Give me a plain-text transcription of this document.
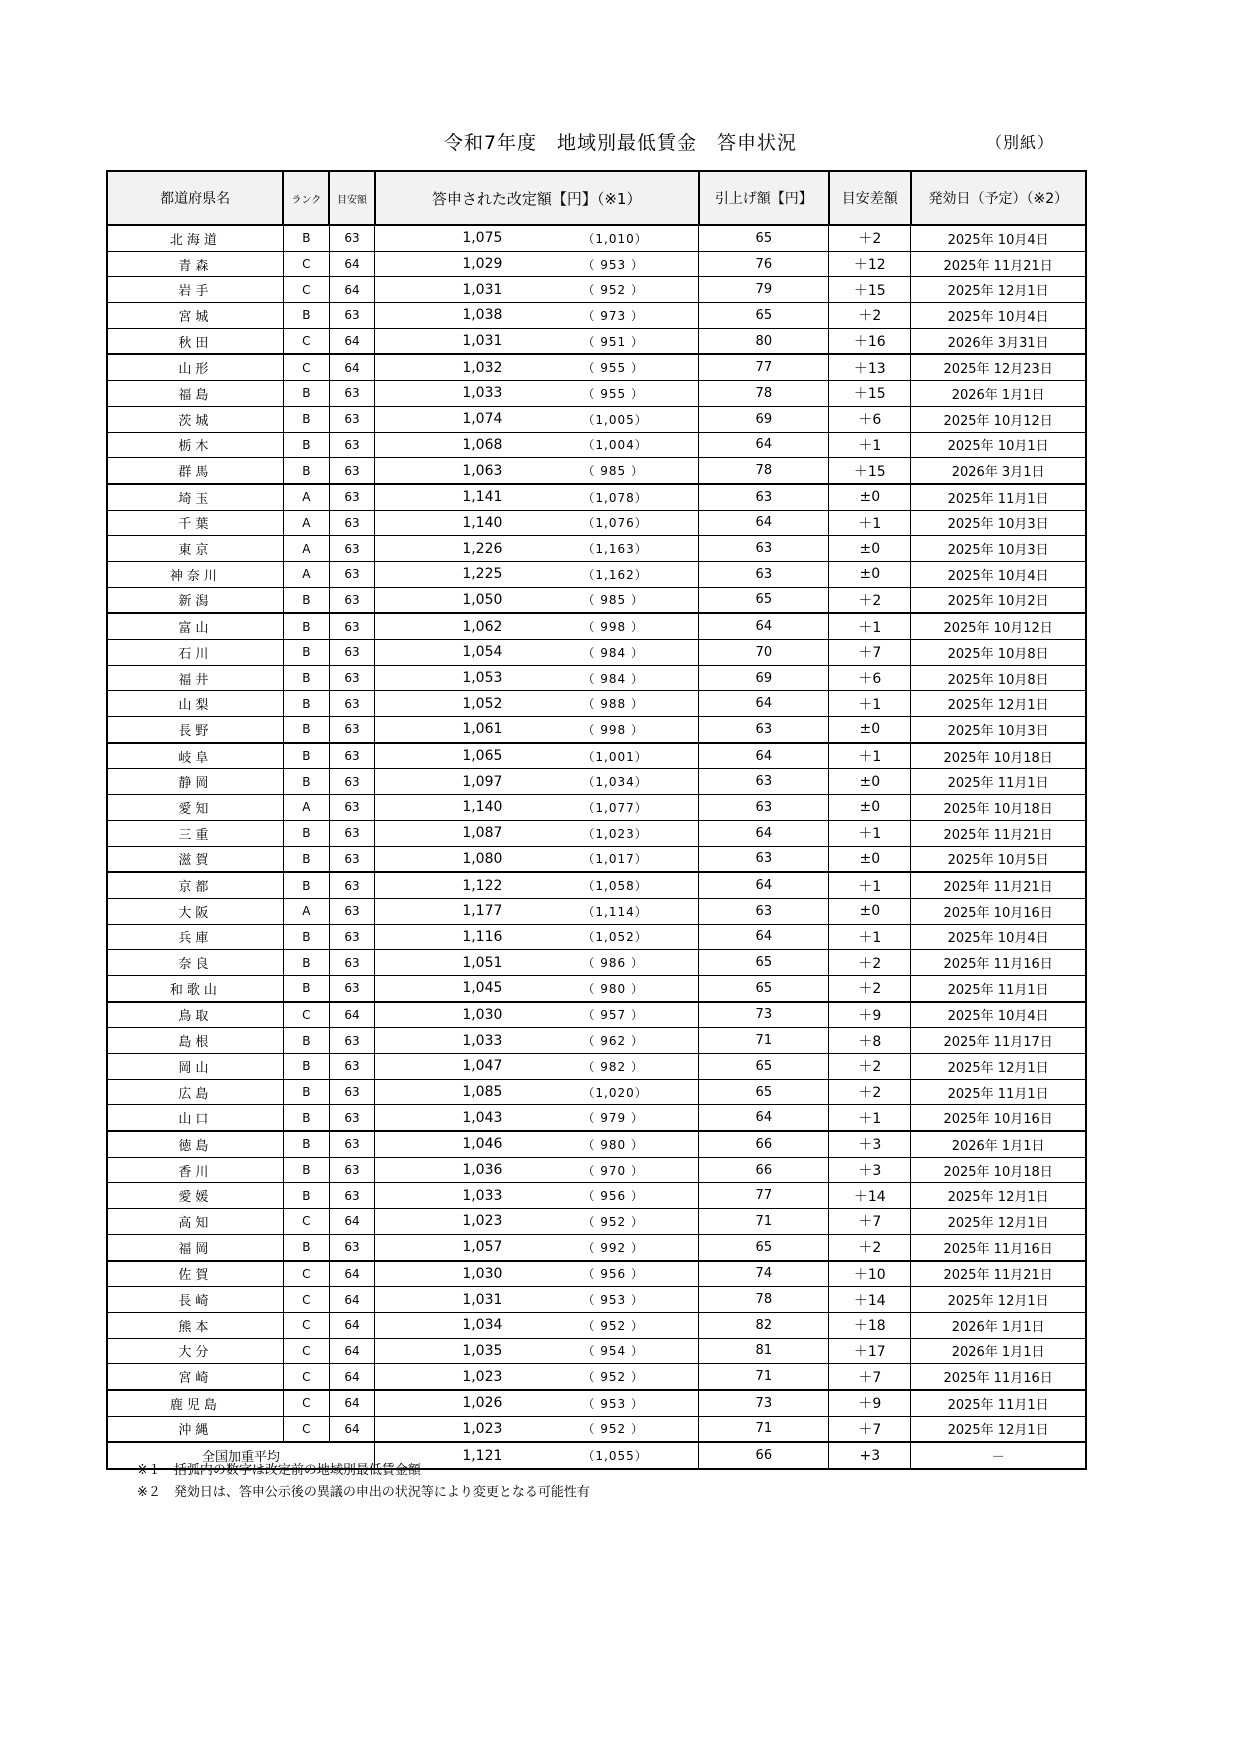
令和7年度　地域別最低賃金　答申状況	（別紙）
都道府県名	ランク	目安額	答申された改定額【円】（※1）		引上げ額【円】	目安差額	発効日（予定）（※2）
北海道	B	63	1,075	（1,010）	65	＋2	2025年 10月4日
青森	C	64	1,029	（ 953 ）	76	＋12	2025年 11月21日
岩手	C	64	1,031	（ 952 ）	79	＋15	2025年 12月1日
宮城	B	63	1,038	（ 973 ）	65	＋2	2025年 10月4日
秋田	C	64	1,031	（ 951 ）	80	＋16	2026年 3月31日
山形	C	64	1,032	（ 955 ）	77	＋13	2025年 12月23日
福島	B	63	1,033	（ 955 ）	78	＋15	2026年 1月1日
茨城	B	63	1,074	（1,005）	69	＋6	2025年 10月12日
栃木	B	63	1,068	（1,004）	64	＋1	2025年 10月1日
群馬	B	63	1,063	（ 985 ）	78	＋15	2026年 3月1日
埼玉	A	63	1,141	（1,078）	63	±0	2025年 11月1日
千葉	A	63	1,140	（1,076）	64	＋1	2025年 10月3日
東京	A	63	1,226	（1,163）	63	±0	2025年 10月3日
神奈川	A	63	1,225	（1,162）	63	±0	2025年 10月4日
新潟	B	63	1,050	（ 985 ）	65	＋2	2025年 10月2日
富山	B	63	1,062	（ 998 ）	64	＋1	2025年 10月12日
石川	B	63	1,054	（ 984 ）	70	＋7	2025年 10月8日
福井	B	63	1,053	（ 984 ）	69	＋6	2025年 10月8日
山梨	B	63	1,052	（ 988 ）	64	＋1	2025年 12月1日
長野	B	63	1,061	（ 998 ）	63	±0	2025年 10月3日
岐阜	B	63	1,065	（1,001）	64	＋1	2025年 10月18日
静岡	B	63	1,097	（1,034）	63	±0	2025年 11月1日
愛知	A	63	1,140	（1,077）	63	±0	2025年 10月18日
三重	B	63	1,087	（1,023）	64	＋1	2025年 11月21日
滋賀	B	63	1,080	（1,017）	63	±0	2025年 10月5日
京都	B	63	1,122	（1,058）	64	＋1	2025年 11月21日
大阪	A	63	1,177	（1,114）	63	±0	2025年 10月16日
兵庫	B	63	1,116	（1,052）	64	＋1	2025年 10月4日
奈良	B	63	1,051	（ 986 ）	65	＋2	2025年 11月16日
和歌山	B	63	1,045	（ 980 ）	65	＋2	2025年 11月1日
鳥取	C	64	1,030	（ 957 ）	73	＋9	2025年 10月4日
島根	B	63	1,033	（ 962 ）	71	＋8	2025年 11月17日
岡山	B	63	1,047	（ 982 ）	65	＋2	2025年 12月1日
広島	B	63	1,085	（1,020）	65	＋2	2025年 11月1日
山口	B	63	1,043	（ 979 ）	64	＋1	2025年 10月16日
徳島	B	63	1,046	（ 980 ）	66	＋3	2026年 1月1日
香川	B	63	1,036	（ 970 ）	66	＋3	2025年 10月18日
愛媛	B	63	1,033	（ 956 ）	77	＋14	2025年 12月1日
高知	C	64	1,023	（ 952 ）	71	＋7	2025年 12月1日
福岡	B	63	1,057	（ 992 ）	65	＋2	2025年 11月16日
佐賀	C	64	1,030	（ 956 ）	74	＋10	2025年 11月21日
長崎	C	64	1,031	（ 953 ）	78	＋14	2025年 12月1日
熊本	C	64	1,034	（ 952 ）	82	＋18	2026年 1月1日
大分	C	64	1,035	（ 954 ）	81	＋17	2026年 1月1日
宮崎	C	64	1,023	（ 952 ）	71	＋7	2025年 11月16日
鹿児島	C	64	1,026	（ 953 ）	73	＋9	2025年 11月1日
沖縄	C	64	1,023	（ 952 ）	71	＋7	2025年 12月1日
全国加重平均			1,121	（1,055）	66	+3	－
※１　括弧内の数字は改定前の地域別最低賃金額
※２　発効日は、答申公示後の異議の申出の状況等により変更となる可能性有
